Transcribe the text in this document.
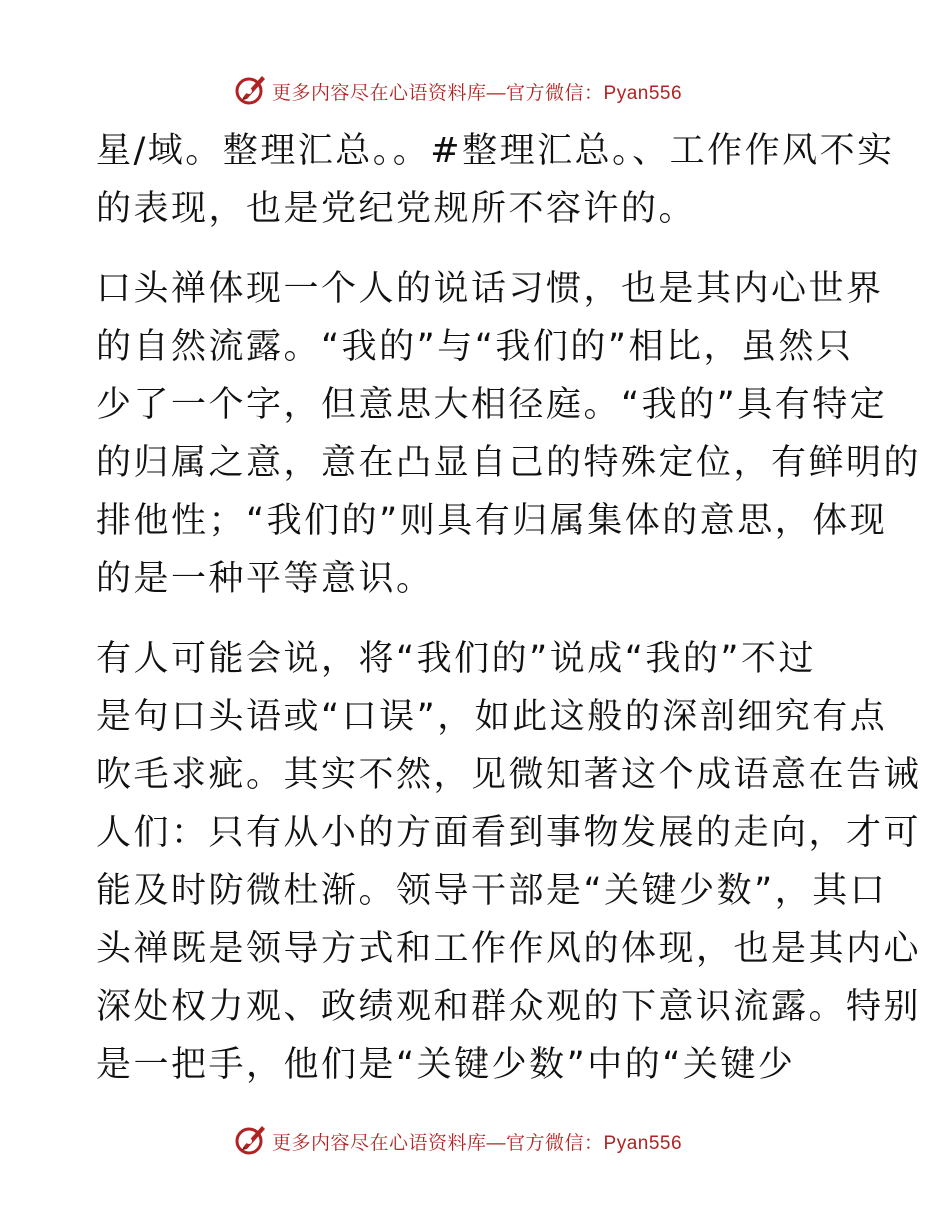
更多内容尽在心语资料库—官方微信：Pyan556
星/域。整理汇总。。#整理汇总。、工作作风不实
的表现，也是党纪党规所不容许的。
口头禅体现一个人的说话习惯，也是其内心世界
的自然流露。“我的”与“我们的”相比，虽然只
少了一个字，但意思大相径庭。“我的”具有特定
的归属之意，意在凸显自己的特殊定位，有鲜明的
排他性；“我们的”则具有归属集体的意思，体现
的是一种平等意识。
有人可能会说，将“我们的”说成“我的”不过
是句口头语或“口误”，如此这般的深剖细究有点
吹毛求疵。其实不然，见微知著这个成语意在告诫
人们：只有从小的方面看到事物发展的走向，才可
能及时防微杜渐。领导干部是“关键少数”，其口
头禅既是领导方式和工作作风的体现，也是其内心
深处权力观、政绩观和群众观的下意识流露。特别
是一把手，他们是“关键少数”中的“关键少
更多内容尽在心语资料库—官方微信：Pyan556
